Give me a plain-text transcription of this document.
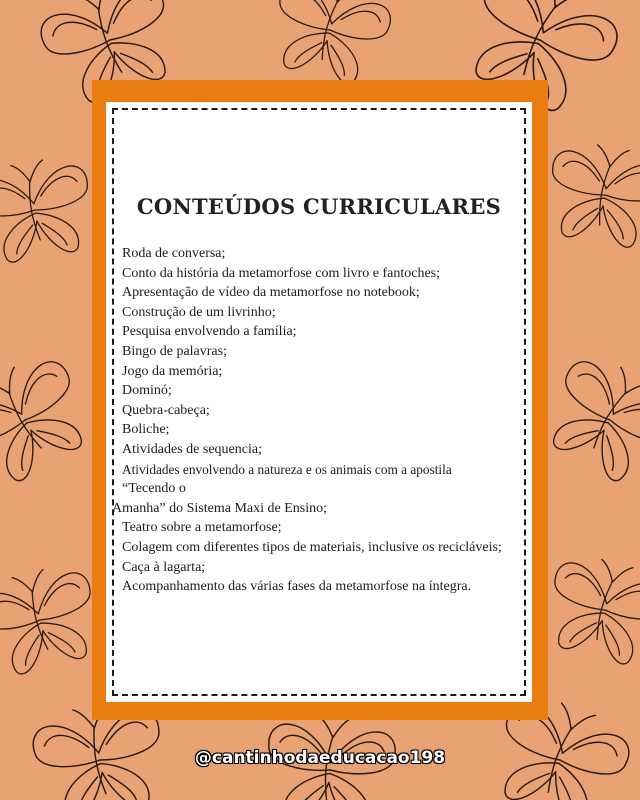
CONTEÚDOS CURRICULARES
Roda de conversa;
Conto da história da metamorfose com livro e fantoches;
Apresentação de vídeo da metamorfose no notebook;
Construção de um livrinho;
Pesquisa envolvendo a família;
Bingo de palavras;
Jogo da memória;
Dominó;
Quebra-cabeça;
Boliche;
Atividades de sequencia;
Atividades envolvendo a natureza e os animais com a apostila
“Tecendo o
Amanha” do Sistema Maxi de Ensino;
Teatro sobre a metamorfose;
Colagem com diferentes tipos de materiais, inclusive os recicláveis;
Caça à lagarta;
Acompanhamento das várias fases da metamorfose na íntegra.
@cantinhodaeducacao198
